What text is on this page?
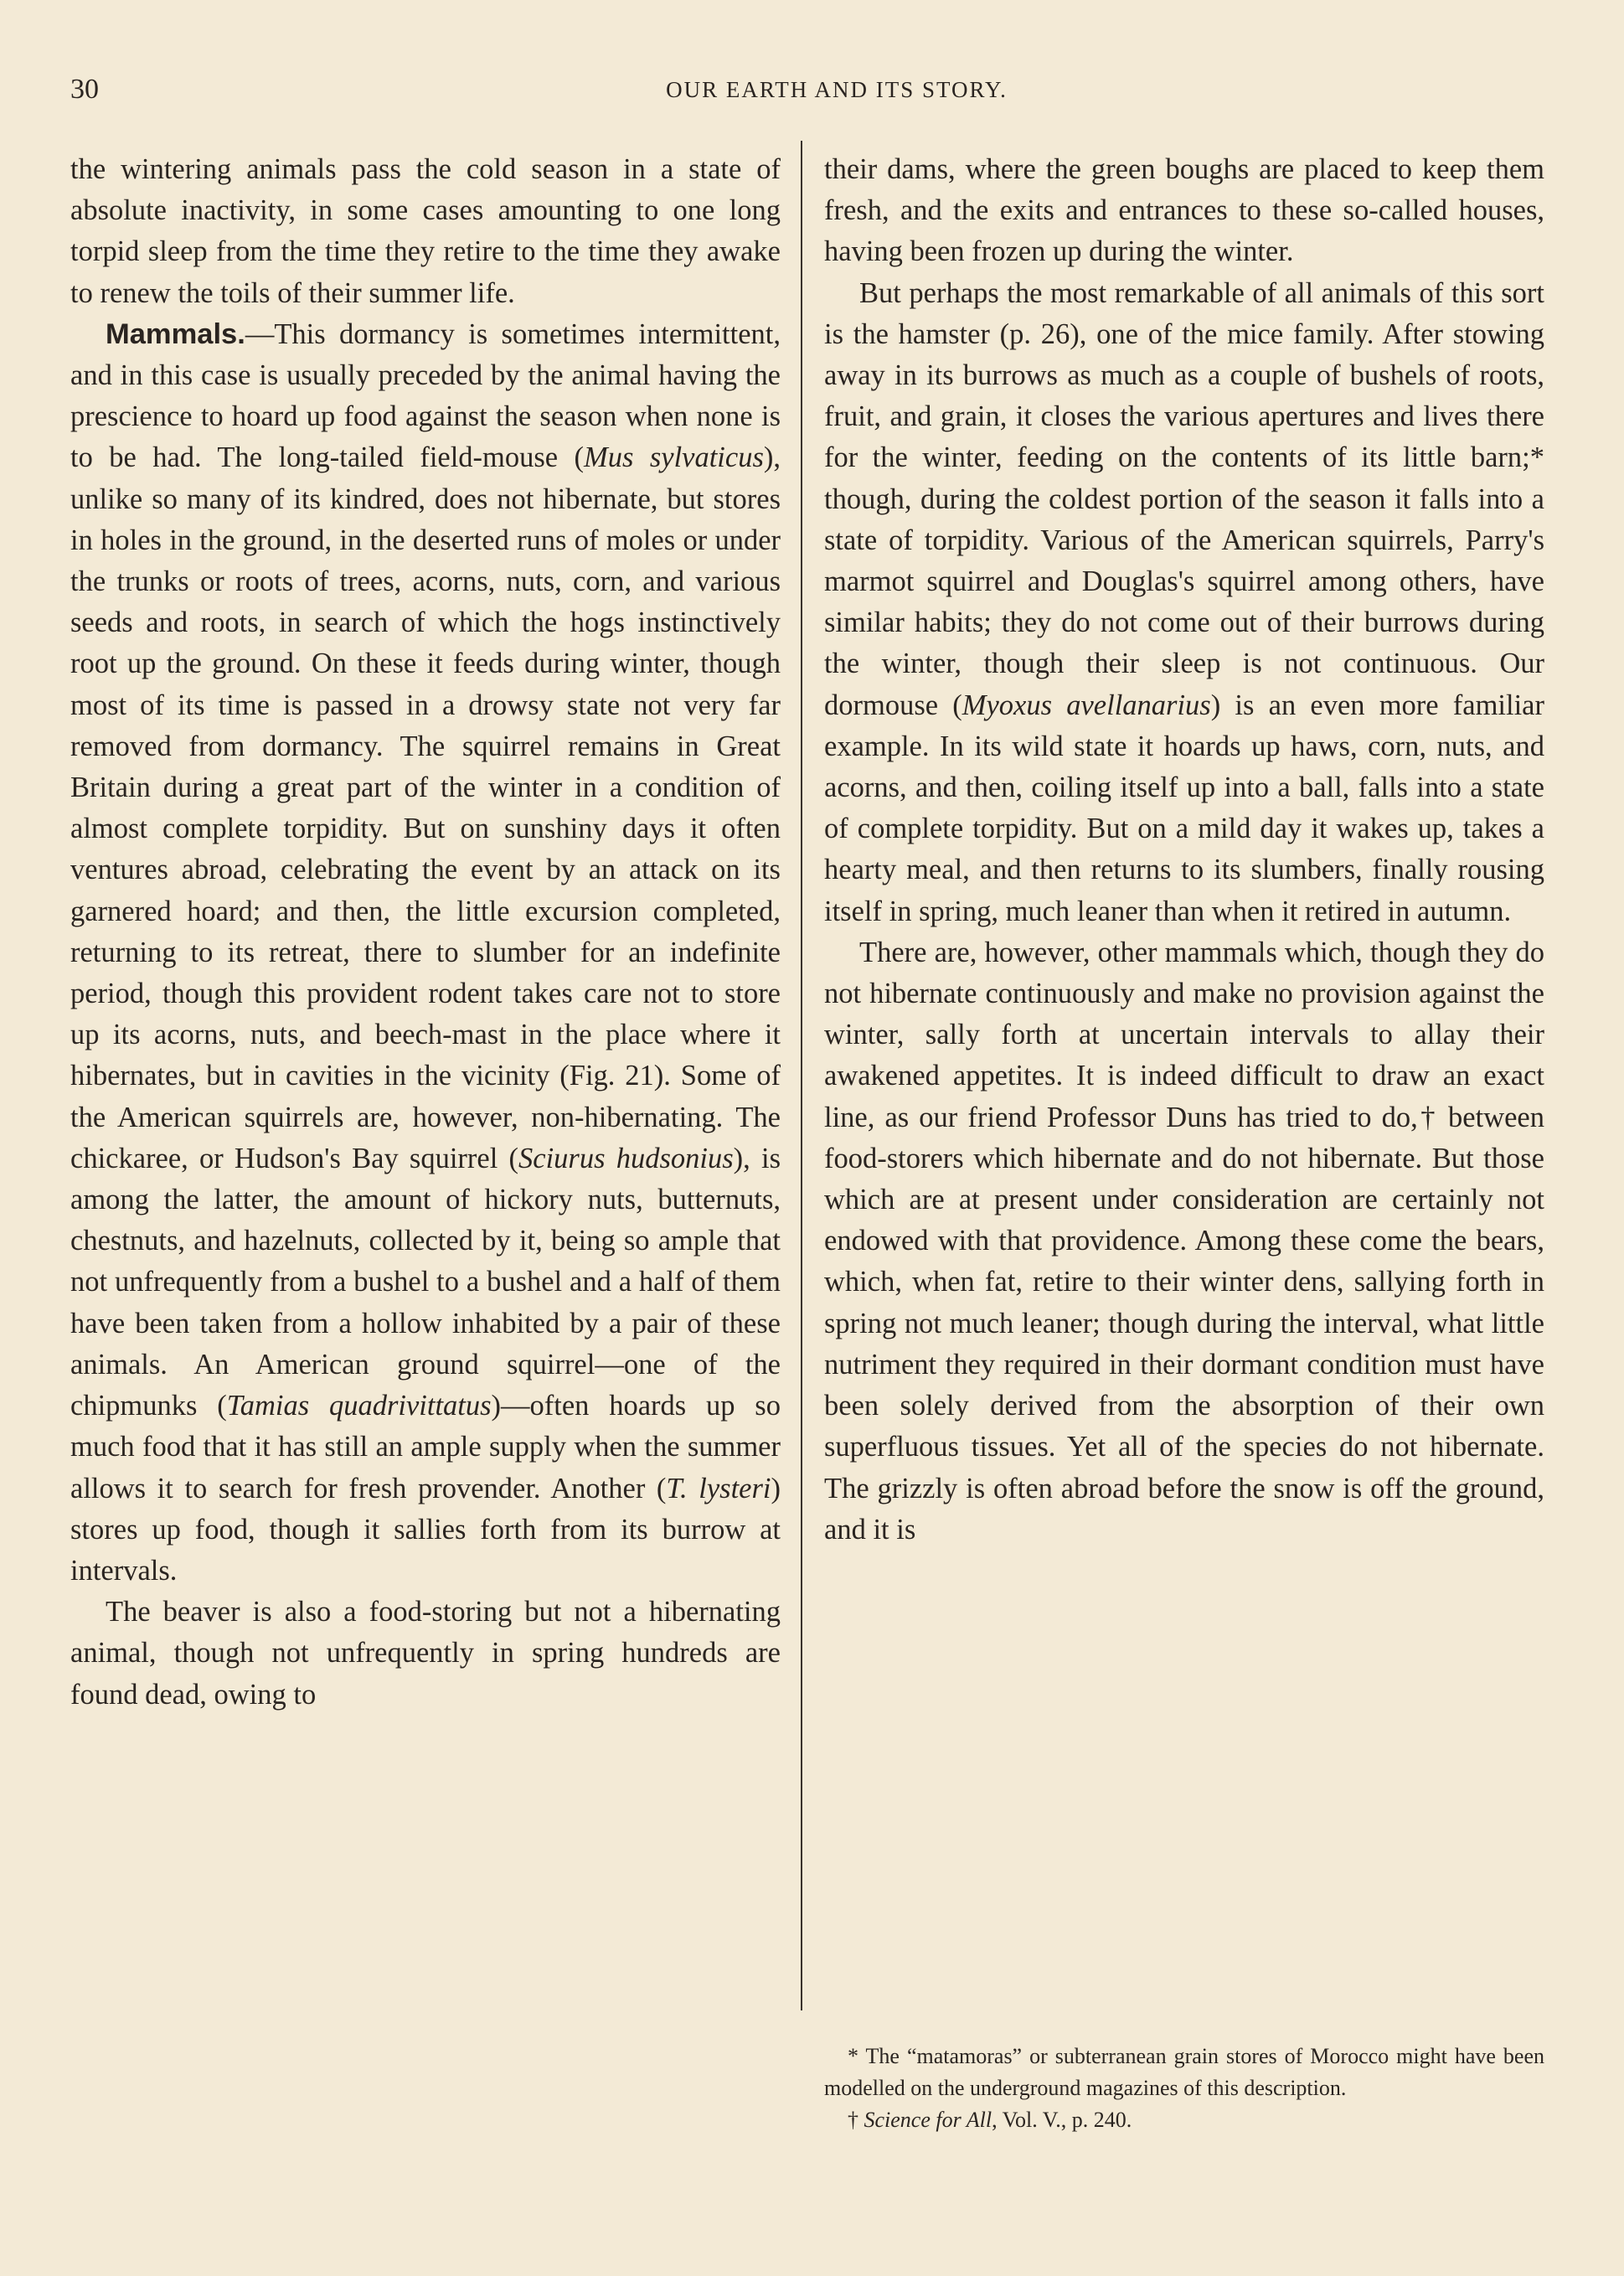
30	OUR EARTH AND ITS STORY.

the wintering animals pass the cold season in a state of absolute inactivity, in some cases amounting to one long torpid sleep from the time they retire to the time they awake to renew the toils of their summer life.

Mammals.—This dormancy is sometimes intermittent, and in this case is usually preceded by the animal having the prescience to hoard up food against the season when none is to be had. The long-tailed field-mouse (Mus sylvaticus), unlike so many of its kindred, does not hibernate, but stores in holes in the ground, in the deserted runs of moles or under the trunks or roots of trees, acorns, nuts, corn, and various seeds and roots, in search of which the hogs instinctively root up the ground. On these it feeds during winter, though most of its time is passed in a drowsy state not very far removed from dormancy. The squirrel remains in Great Britain during a great part of the winter in a condition of almost complete torpidity. But on sunshiny days it often ventures abroad, celebrating the event by an attack on its garnered hoard; and then, the little excursion completed, returning to its retreat, there to slumber for an indefinite period, though this provident rodent takes care not to store up its acorns, nuts, and beech-mast in the place where it hibernates, but in cavities in the vicinity (Fig. 21). Some of the American squirrels are, however, non-hibernating. The chickaree, or Hudson's Bay squirrel (Sciurus hudsonius), is among the latter, the amount of hickory nuts, butternuts, chestnuts, and hazelnuts, collected by it, being so ample that not unfrequently from a bushel to a bushel and a half of them have been taken from a hollow inhabited by a pair of these animals. An American ground squirrel—one of the chipmunks (Tamias quadrivittatus)—often hoards up so much food that it has still an ample supply when the summer allows it to search for fresh provender. Another (T. lysteri) stores up food, though it sallies forth from its burrow at intervals.

The beaver is also a food-storing but not a hibernating animal, though not unfrequently in spring hundreds are found dead, owing to

their dams, where the green boughs are placed to keep them fresh, and the exits and entrances to these so-called houses, having been frozen up during the winter.

But perhaps the most remarkable of all animals of this sort is the hamster (p. 26), one of the mice family. After stowing away in its burrows as much as a couple of bushels of roots, fruit, and grain, it closes the various apertures and lives there for the winter, feeding on the contents of its little barn;* though, during the coldest portion of the season it falls into a state of torpidity. Various of the American squirrels, Parry's marmot squirrel and Douglas's squirrel among others, have similar habits; they do not come out of their burrows during the winter, though their sleep is not continuous. Our dormouse (Myoxus avellanarius) is an even more familiar example. In its wild state it hoards up haws, corn, nuts, and acorns, and then, coiling itself up into a ball, falls into a state of complete torpidity. But on a mild day it wakes up, takes a hearty meal, and then returns to its slumbers, finally rousing itself in spring, much leaner than when it retired in autumn.

There are, however, other mammals which, though they do not hibernate continuously and make no provision against the winter, sally forth at uncertain intervals to allay their awakened appetites. It is indeed difficult to draw an exact line, as our friend Professor Duns has tried to do,† between food-storers which hibernate and do not hibernate. But those which are at present under consideration are certainly not endowed with that providence. Among these come the bears, which, when fat, retire to their winter dens, sallying forth in spring not much leaner; though during the interval, what little nutriment they required in their dormant condition must have been solely derived from the absorption of their own superfluous tissues. Yet all of the species do not hibernate. The grizzly is often abroad before the snow is off the ground, and it is

* The “matamoras” or subterranean grain stores of Morocco might have been modelled on the underground magazines of this description.

† Science for All, Vol. V., p. 240.
